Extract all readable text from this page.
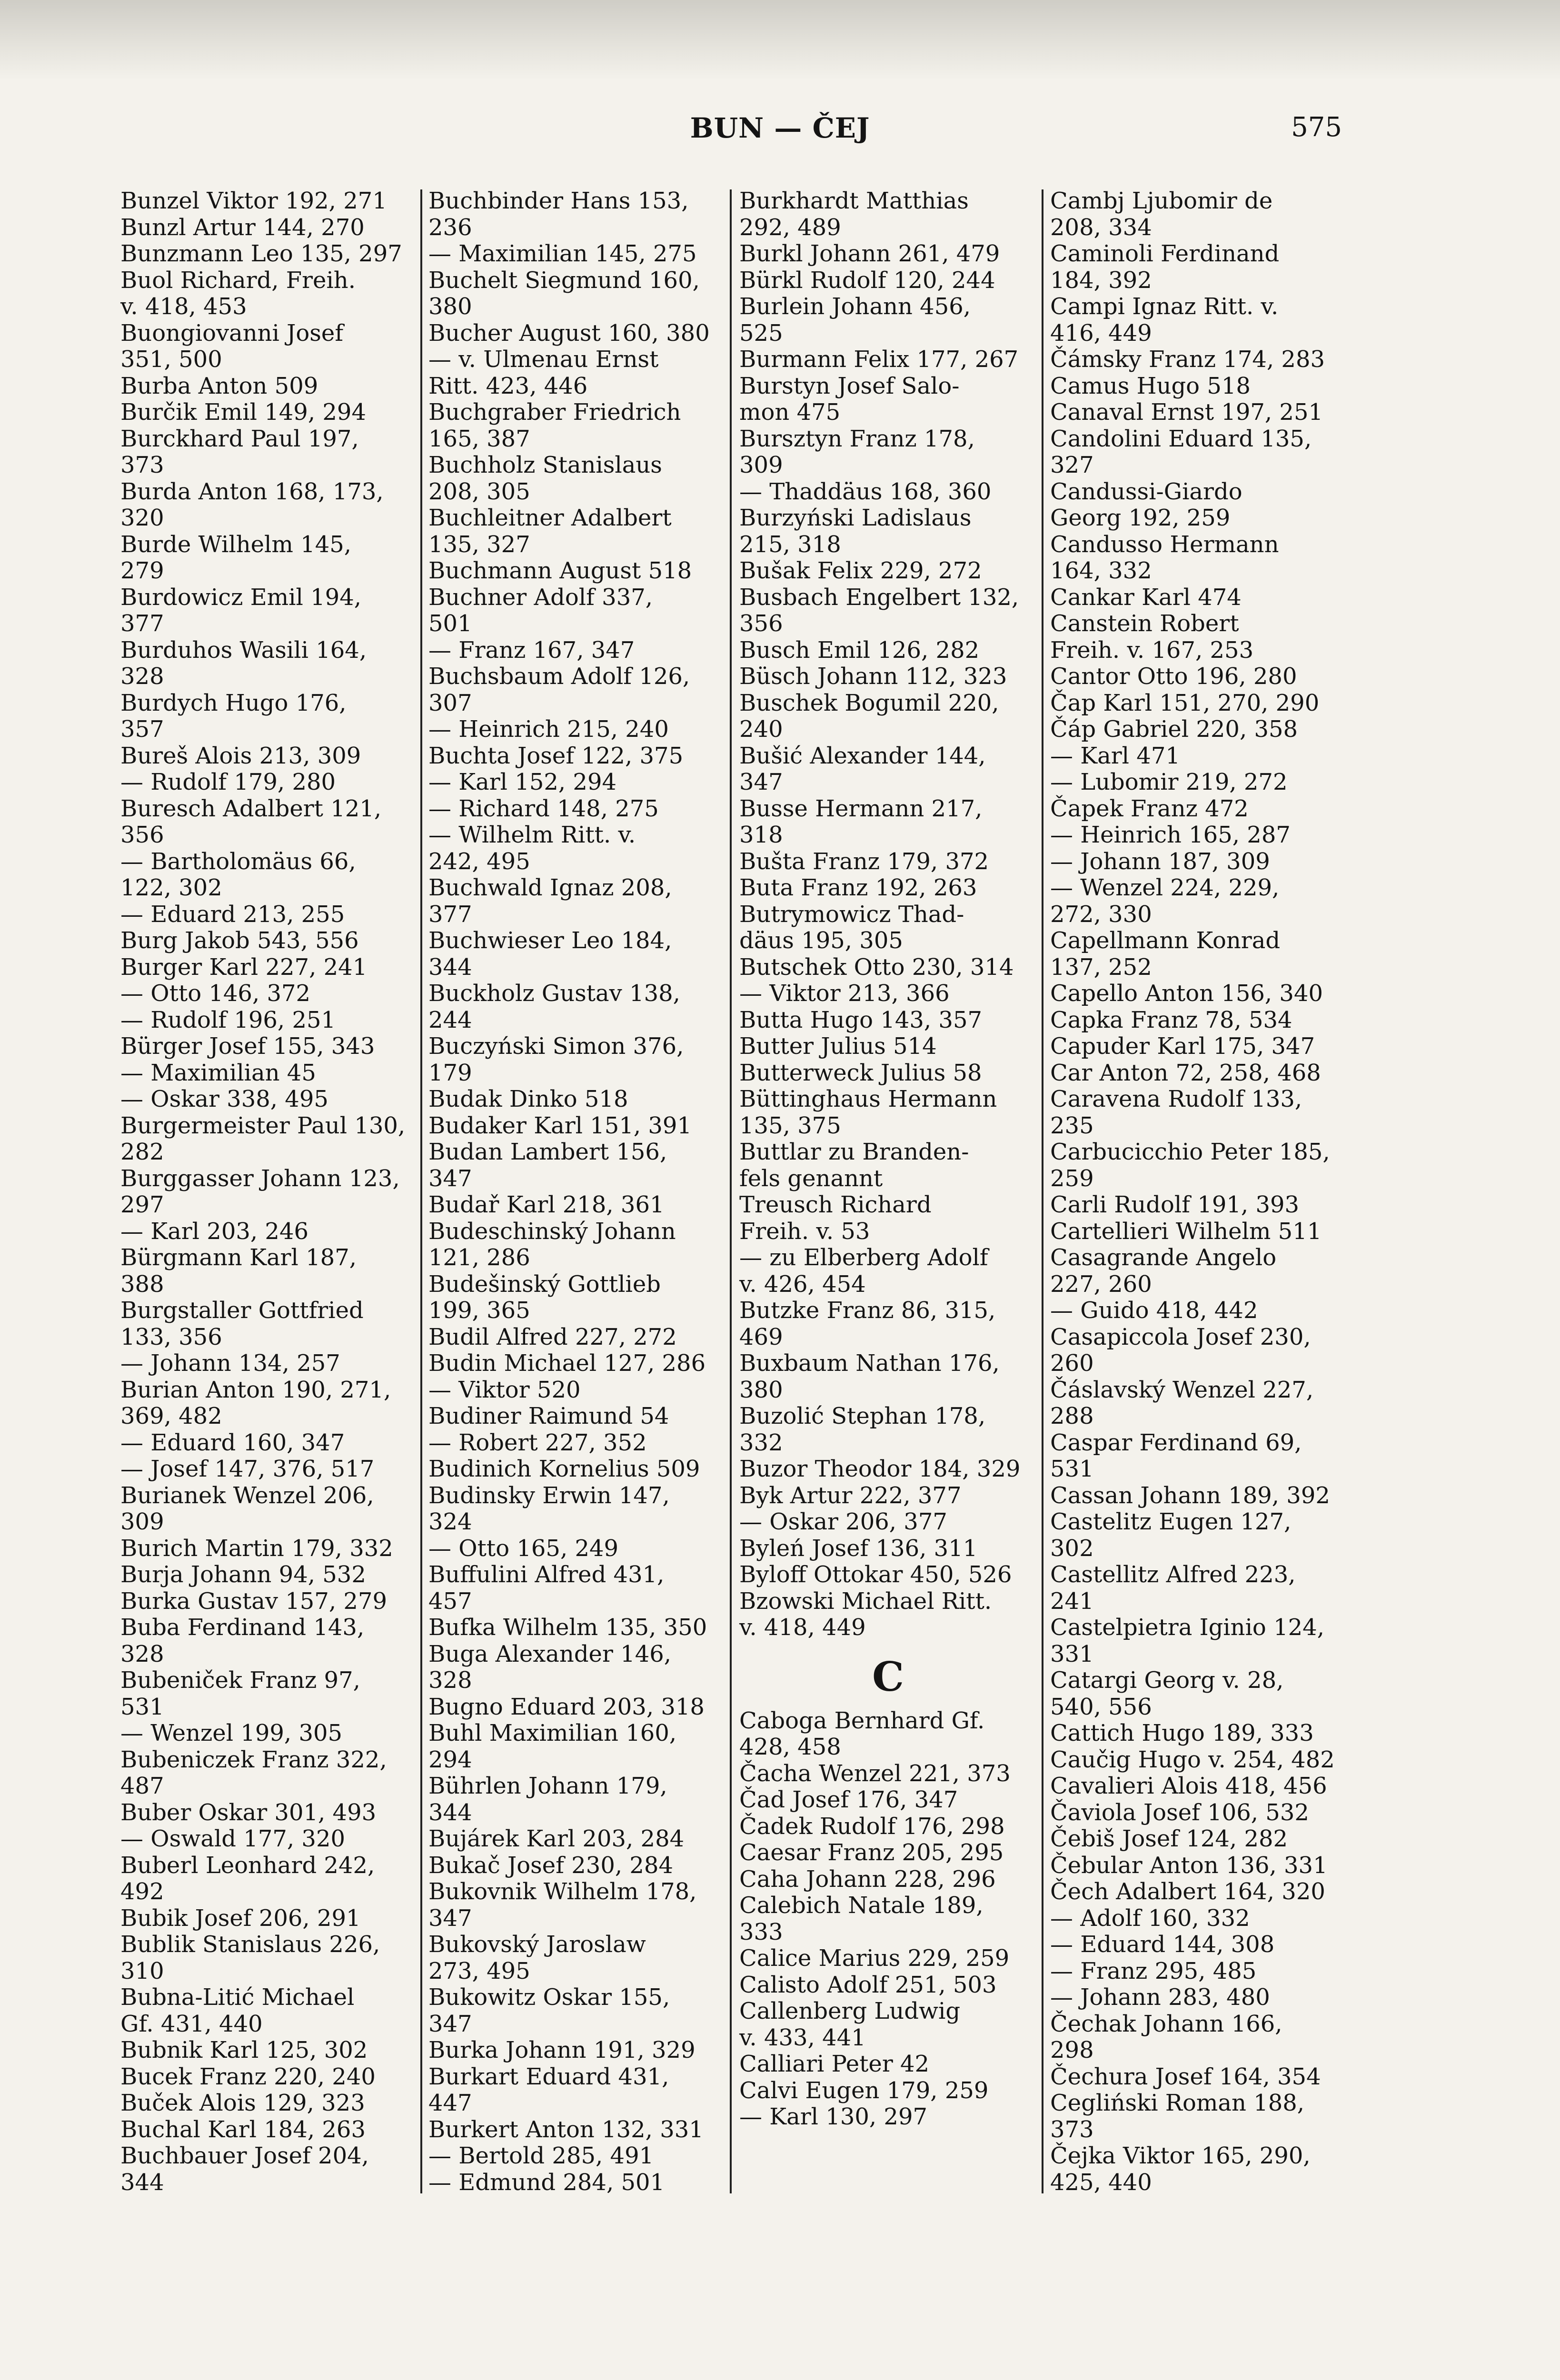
BUN — ČEJ	575
Bunzel Viktor 192, 271
Bunzl Artur 144, 270
Bunzmann Leo 135, 297
Buol Richard, Freih.
v. 418, 453
Buongiovanni Josef
351, 500
Burba Anton 509
Burčik Emil 149, 294
Burckhard Paul 197,
373
Burda Anton 168, 173,
320
Burde Wilhelm 145,
279
Burdowicz Emil 194,
377
Burduhos Wasili 164,
328
Burdych Hugo 176,
357
Bureš Alois 213, 309
— Rudolf 179, 280
Buresch Adalbert 121,
356
— Bartholomäus 66,
122, 302
— Eduard 213, 255
Burg Jakob 543, 556
Burger Karl 227, 241
— Otto 146, 372
— Rudolf 196, 251
Bürger Josef 155, 343
— Maximilian 45
— Oskar 338, 495
Burgermeister Paul 130,
282
Burggasser Johann 123,
297
— Karl 203, 246
Bürgmann Karl 187,
388
Burgstaller Gottfried
133, 356
— Johann 134, 257
Burian Anton 190, 271,
369, 482
— Eduard 160, 347
— Josef 147, 376, 517
Burianek Wenzel 206,
309
Burich Martin 179, 332
Burja Johann 94, 532
Burka Gustav 157, 279
Buba Ferdinand 143,
328
Bubeniček Franz 97,
531
— Wenzel 199, 305
Bubeniczek Franz 322,
487
Buber Oskar 301, 493
— Oswald 177, 320
Buberl Leonhard 242,
492
Bubik Josef 206, 291
Bublik Stanislaus 226,
310
Bubna-Litić Michael
Gf. 431, 440
Bubnik Karl 125, 302
Bucek Franz 220, 240
Buček Alois 129, 323
Buchal Karl 184, 263
Buchbauer Josef 204,
344
Buchbinder Hans 153,
236
— Maximilian 145, 275
Buchelt Siegmund 160,
380
Bucher August 160, 380
— v. Ulmenau Ernst
Ritt. 423, 446
Buchgraber Friedrich
165, 387
Buchholz Stanislaus
208, 305
Buchleitner Adalbert
135, 327
Buchmann August 518
Buchner Adolf 337,
501
— Franz 167, 347
Buchsbaum Adolf 126,
307
— Heinrich 215, 240
Buchta Josef 122, 375
— Karl 152, 294
— Richard 148, 275
— Wilhelm Ritt. v.
242, 495
Buchwald Ignaz 208,
377
Buchwieser Leo 184,
344
Buckholz Gustav 138,
244
Buczyński Simon 376,
179
Budak Dinko 518
Budaker Karl 151, 391
Budan Lambert 156,
347
Budař Karl 218, 361
Budeschinský Johann
121, 286
Budešinský Gottlieb
199, 365
Budil Alfred 227, 272
Budin Michael 127, 286
— Viktor 520
Budiner Raimund 54
— Robert 227, 352
Budinich Kornelius 509
Budinsky Erwin 147,
324
— Otto 165, 249
Buffulini Alfred 431,
457
Bufka Wilhelm 135, 350
Buga Alexander 146,
328
Bugno Eduard 203, 318
Buhl Maximilian 160,
294
Bührlen Johann 179,
344
Bujárek Karl 203, 284
Bukač Josef 230, 284
Bukovnik Wilhelm 178,
347
Bukovský Jaroslaw
273, 495
Bukowitz Oskar 155,
347
Burka Johann 191, 329
Burkart Eduard 431,
447
Burkert Anton 132, 331
— Bertold 285, 491
— Edmund 284, 501
Burkhardt Matthias
292, 489
Burkl Johann 261, 479
Bürkl Rudolf 120, 244
Burlein Johann 456,
525
Burmann Felix 177, 267
Burstyn Josef Salo-
mon 475
Bursztyn Franz 178,
309
— Thaddäus 168, 360
Burzyński Ladislaus
215, 318
Bušak Felix 229, 272
Busbach Engelbert 132,
356
Busch Emil 126, 282
Büsch Johann 112, 323
Buschek Bogumil 220,
240
Bušić Alexander 144,
347
Busse Hermann 217,
318
Bušta Franz 179, 372
Buta Franz 192, 263
Butrymowicz Thad-
däus 195, 305
Butschek Otto 230, 314
— Viktor 213, 366
Butta Hugo 143, 357
Butter Julius 514
Butterweck Julius 58
Büttinghaus Hermann
135, 375
Buttlar zu Branden-
fels genannt
Treusch Richard
Freih. v. 53
— zu Elberberg Adolf
v. 426, 454
Butzke Franz 86, 315,
469
Buxbaum Nathan 176,
380
Buzolić Stephan 178,
332
Buzor Theodor 184, 329
Byk Artur 222, 377
— Oskar 206, 377
Byleń Josef 136, 311
Byloff Ottokar 450, 526
Bzowski Michael Ritt.
v. 418, 449
C
Caboga Bernhard Gf.
428, 458
Čacha Wenzel 221, 373
Čad Josef 176, 347
Čadek Rudolf 176, 298
Caesar Franz 205, 295
Caha Johann 228, 296
Calebich Natale 189,
333
Calice Marius 229, 259
Calisto Adolf 251, 503
Callenberg Ludwig
v. 433, 441
Calliari Peter 42
Calvi Eugen 179, 259
— Karl 130, 297
Cambj Ljubomir de
208, 334
Caminoli Ferdinand
184, 392
Campi Ignaz Ritt. v.
416, 449
Čámsky Franz 174, 283
Camus Hugo 518
Canaval Ernst 197, 251
Candolini Eduard 135,
327
Candussi-Giardo
Georg 192, 259
Candusso Hermann
164, 332
Cankar Karl 474
Canstein Robert
Freih. v. 167, 253
Cantor Otto 196, 280
Čap Karl 151, 270, 290
Čáp Gabriel 220, 358
— Karl 471
— Lubomir 219, 272
Čapek Franz 472
— Heinrich 165, 287
— Johann 187, 309
— Wenzel 224, 229,
272, 330
Capellmann Konrad
137, 252
Capello Anton 156, 340
Capka Franz 78, 534
Capuder Karl 175, 347
Car Anton 72, 258, 468
Caravena Rudolf 133,
235
Carbucicchio Peter 185,
259
Carli Rudolf 191, 393
Cartellieri Wilhelm 511
Casagrande Angelo
227, 260
— Guido 418, 442
Casapiccola Josef 230,
260
Čáslavský Wenzel 227,
288
Caspar Ferdinand 69,
531
Cassan Johann 189, 392
Castelitz Eugen 127,
302
Castellitz Alfred 223,
241
Castelpietra Iginio 124,
331
Catargi Georg v. 28,
540, 556
Cattich Hugo 189, 333
Caučig Hugo v. 254, 482
Cavalieri Alois 418, 456
Čaviola Josef 106, 532
Čebiš Josef 124, 282
Čebular Anton 136, 331
Čech Adalbert 164, 320
— Adolf 160, 332
— Eduard 144, 308
— Franz 295, 485
— Johann 283, 480
Čechak Johann 166,
298
Čechura Josef 164, 354
Cegliński Roman 188,
373
Čejka Viktor 165, 290,
425, 440
